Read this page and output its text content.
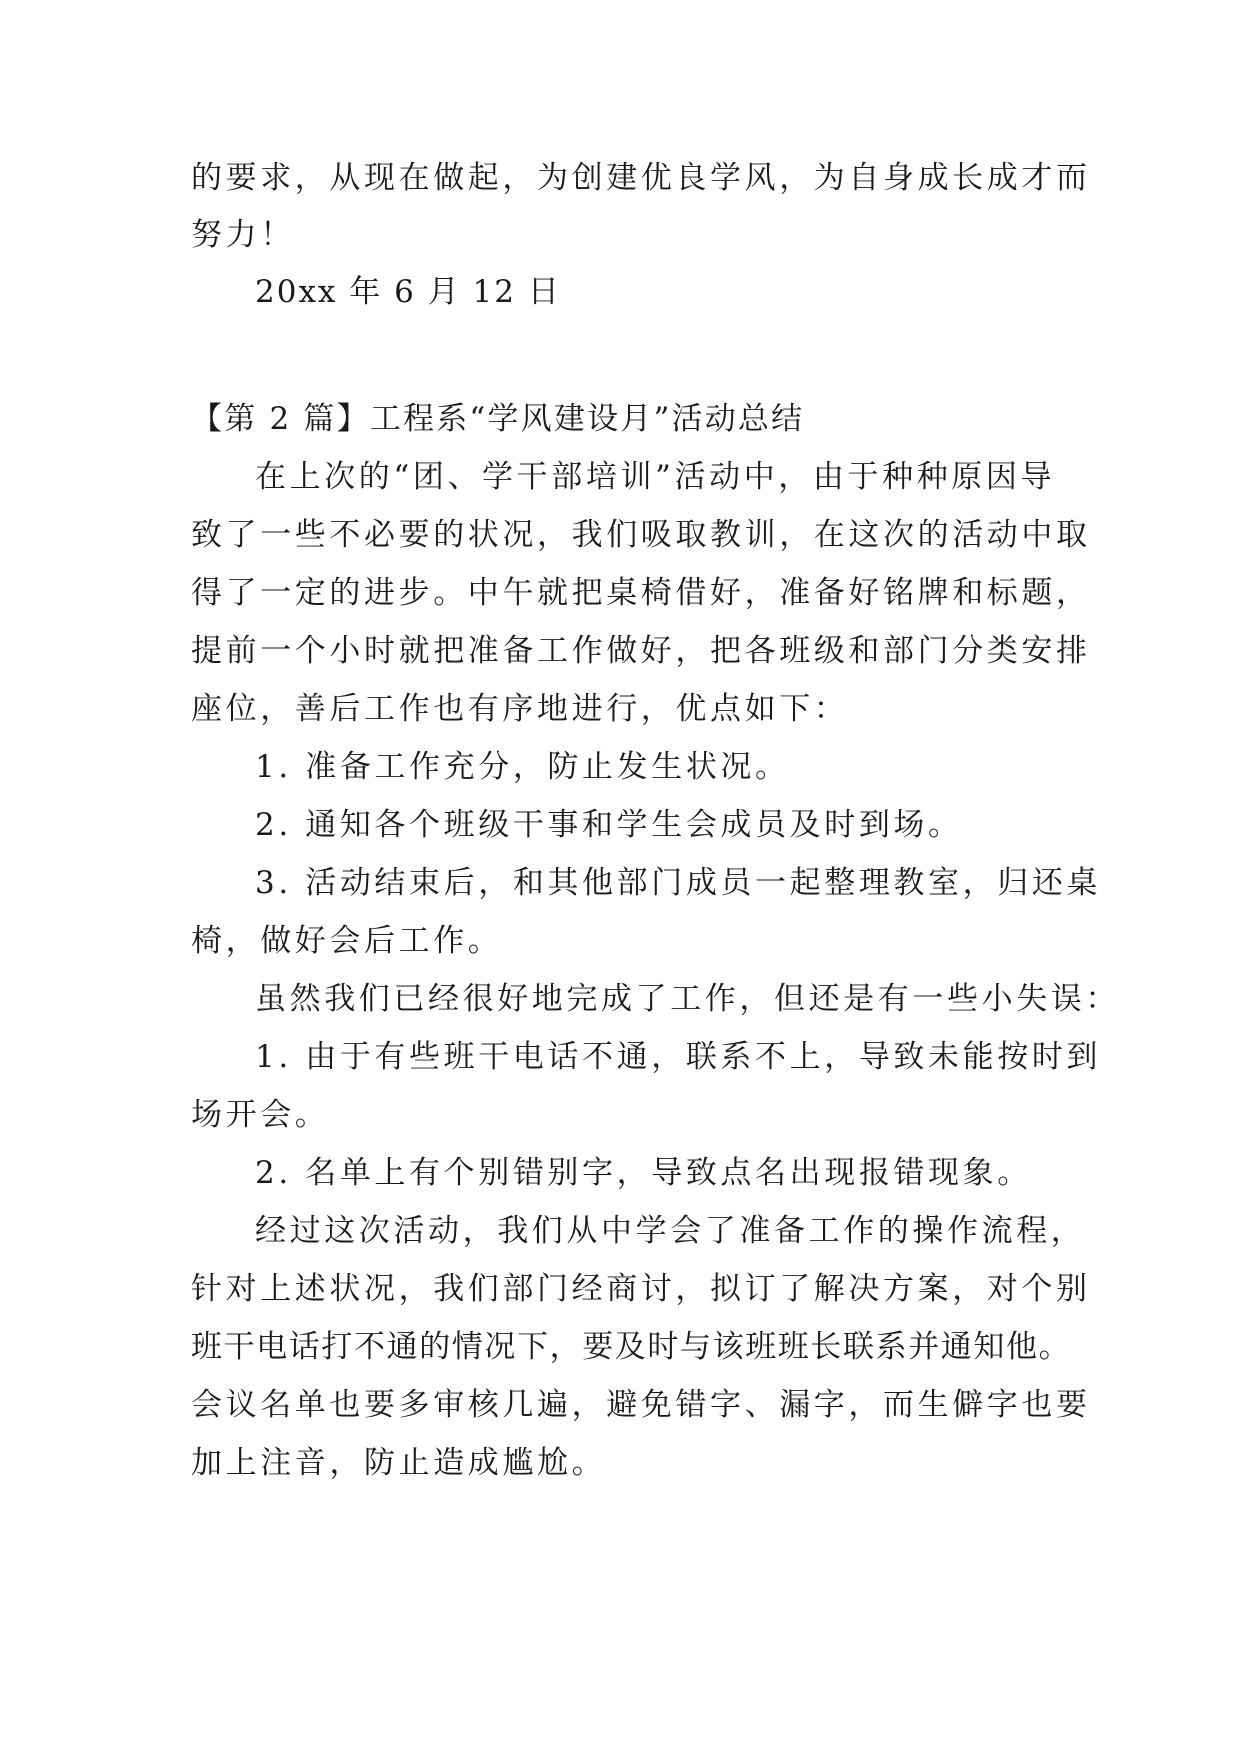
的要求，从现在做起，为创建优良学风，为自身成长成才而
努力！
20xx 年 6 月 12 日
【第 2 篇】工程系“学风建设月”活动总结
在上次的“团、学干部培训”活动中，由于种种原因导
致了一些不必要的状况，我们吸取教训，在这次的活动中取
得了一定的进步。中午就把桌椅借好，准备好铭牌和标题，
提前一个小时就把准备工作做好，把各班级和部门分类安排
座位，善后工作也有序地进行，优点如下：
1. 准备工作充分，防止发生状况。
2. 通知各个班级干事和学生会成员及时到场。
3. 活动结束后，和其他部门成员一起整理教室，归还桌
椅，做好会后工作。
虽然我们已经很好地完成了工作，但还是有一些小失误：
1. 由于有些班干电话不通，联系不上，导致未能按时到
场开会。
2. 名单上有个别错别字，导致点名出现报错现象。
经过这次活动，我们从中学会了准备工作的操作流程，
针对上述状况，我们部门经商讨，拟订了解决方案，对个别
班干电话打不通的情况下，要及时与该班班长联系并通知他。
会议名单也要多审核几遍，避免错字、漏字，而生僻字也要
加上注音，防止造成尴尬。
